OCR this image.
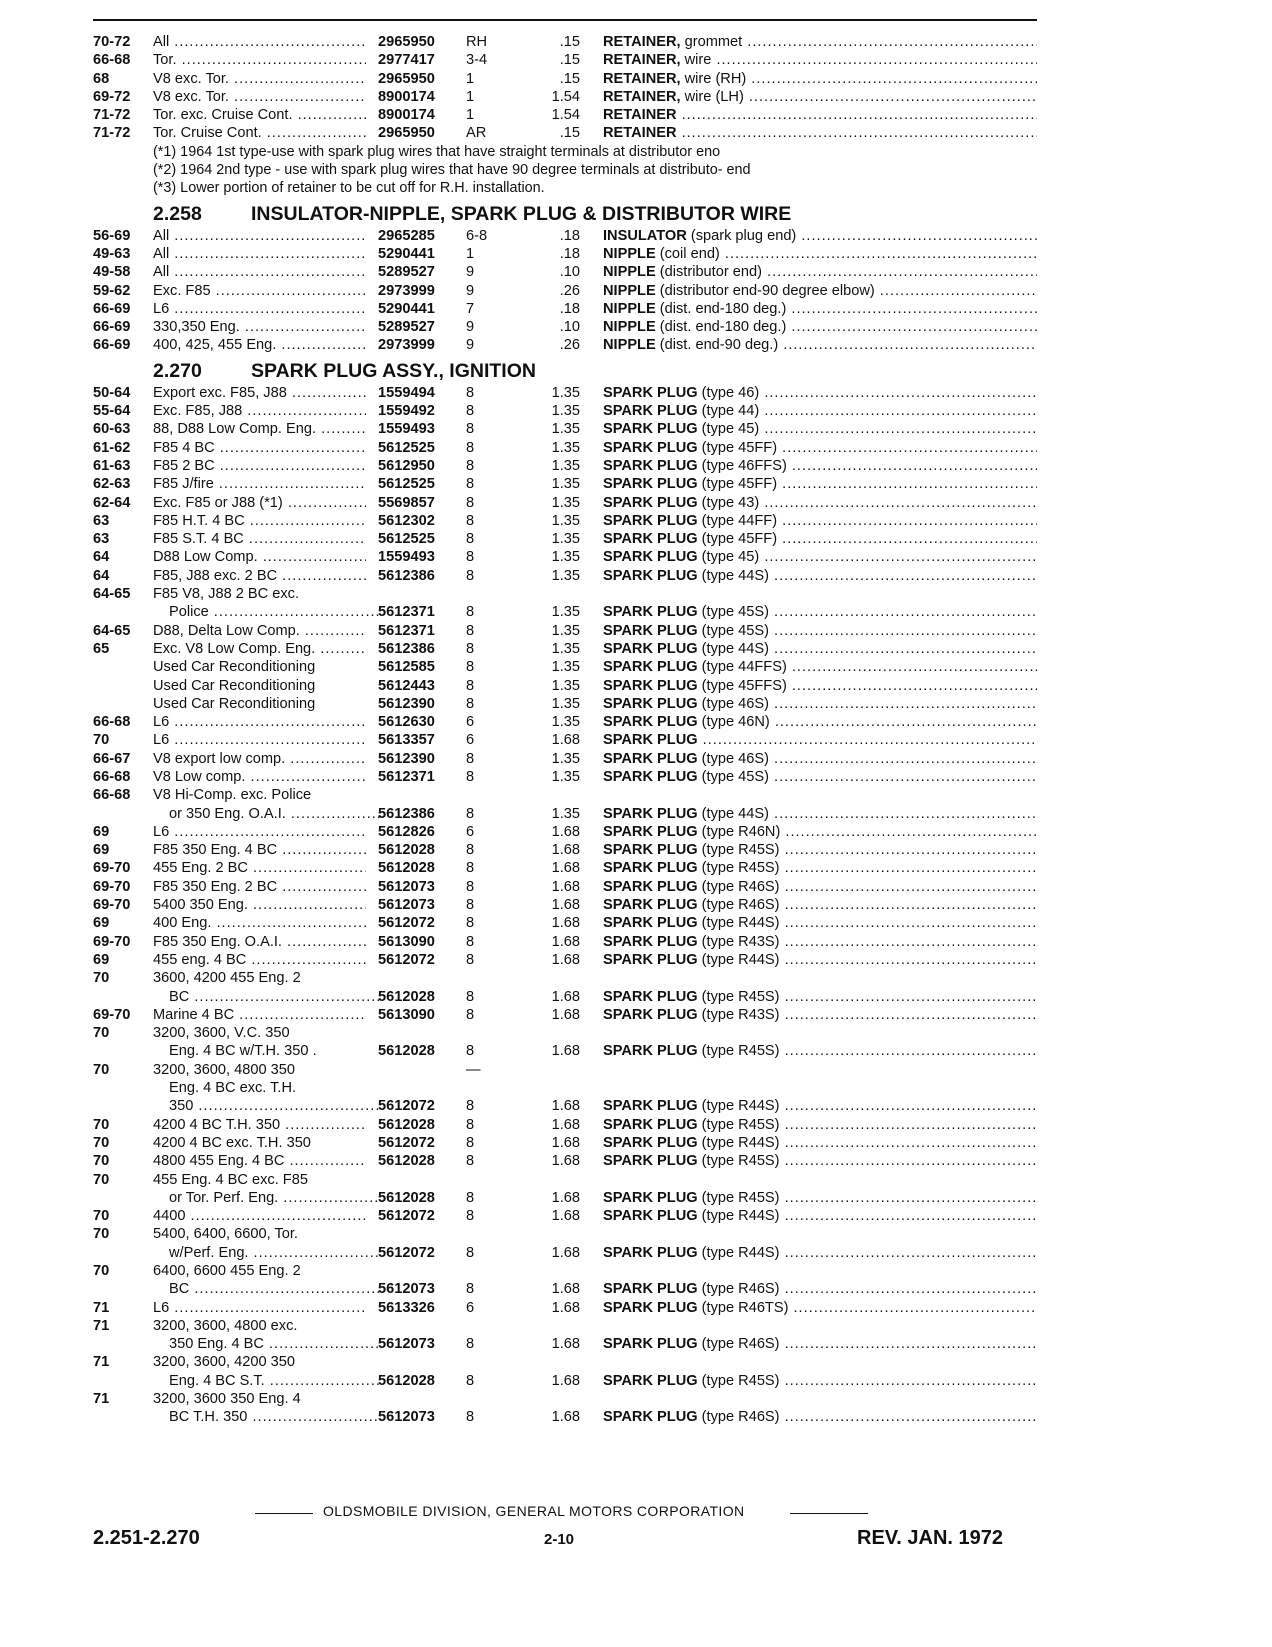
70-72 All .....	2965950 RH	.15 RETAINER, grommet .....
66-68 Tor. .....	2977417 3-4	.15 RETAINER, wire .....
68	V8 exc. Tor. .....	2965950 1	.15 RETAINER, wire (RH) .....
69-72 V8 exc. Tor. .....	8900174 1	1.54 RETAINER, wire (LH) .....
71-72 Tor. exc. Cruise Cont. .....	8900174 1	1.54 RETAINER .....
71-72 Tor. Cruise Cont. .....	2965950 AR	.15 RETAINER .....
(*1) 1964 1st type-use with spark plug wires that have straight terminals at distributor eno
(*2) 1964 2nd type - use with spark plug wires that have 90 degree terminals at distributo- end
(*3) Lower portion of retainer to be cut off for R.H. installation.
2.258	INSULATOR-NIPPLE, SPARK PLUG & DISTRIBUTOR WIRE
56-69 All .....	2965285 6-8	.18 INSULATOR (spark plug end) .....
49-63 All .....	5290441 1	.18 NIPPLE (coil end) .....
49-58 All .....	5289527 9	.10 NIPPLE (distributor end) .....
59-62 Exc. F85 .....	2973999 9	.26 NIPPLE (distributor end-90 degree elbow) .....
66-69 L6 .....	5290441 7	.18 NIPPLE (dist. end-180 deg.) .....
66-69 330,350 Eng. .....	5289527 9	.10 NIPPLE (dist. end-180 deg.) .....
66-69 400, 425, 455 Eng. .....	2973999 9	.26 NIPPLE (dist. end-90 deg.) .....
2.270	SPARK PLUG ASSY., IGNITION
50-64 Export exc. F85, J88 .....	1559494 8	1.35 SPARK PLUG (type 46) .....
55-64 Exc. F85, J88 .....	1559492 8	1.35 SPARK PLUG (type 44) .....
60-63 88, D88 Low Comp. Eng. .....	1559493 8	1.35 SPARK PLUG (type 45) .....
61-62 F85 4 BC .....	5612525 8	1.35 SPARK PLUG (type 45FF) .....
61-63 F85 2 BC .....	5612950 8	1.35 SPARK PLUG (type 46FFS) .....
62-63 F85 J/fire .....	5612525 8	1.35 SPARK PLUG (type 45FF) .....
62-64 Exc. F85 or J88 (*1) .....	5569857 8	1.35 SPARK PLUG (type 43) .....
63	F85 H.T. 4 BC .....	5612302 8	1.35 SPARK PLUG (type 44FF) .....
63	F85 S.T. 4 BC .....	5612525 8	1.35 SPARK PLUG (type 45FF) .....
64	D88 Low Comp. .....	1559493 8	1.35 SPARK PLUG (type 45) .....
64	F85, J88 exc. 2 BC .....	5612386 8	1.35 SPARK PLUG (type 44S) .....
64-65 F85 V8, J88 2 BC exc.
Police .....	5612371 8	1.35 SPARK PLUG (type 45S) .....
64-65 D88, Delta Low Comp. .....	5612371 8	1.35 SPARK PLUG (type 45S) .....
65	Exc. V8 Low Comp. Eng. .....	5612386 8	1.35 SPARK PLUG (type 44S) .....
Used Car Reconditioning	5612585 8	1.35 SPARK PLUG (type 44FFS) .....
Used Car Reconditioning	5612443 8	1.35 SPARK PLUG (type 45FFS) .....
Used Car Reconditioning	5612390 8	1.35 SPARK PLUG (type 46S) .....
66-68 L6 .....	5612630 6	1.35 SPARK PLUG (type 46N) .....
70	L6 .....	5613357 6	1.68 SPARK PLUG .....
66-67 V8 export low comp. .....	5612390 8	1.35 SPARK PLUG (type 46S) .....
66-68 V8 Low comp. .....	5612371 8	1.35 SPARK PLUG (type 45S) .....
66-68 V8 Hi-Comp. exc. Police
or 350 Eng. O.A.I. .....	5612386 8	1.35 SPARK PLUG (type 44S) .....
69	L6 .....	5612826 6	1.68 SPARK PLUG (type R46N) .....
69	F85 350 Eng. 4 BC .....	5612028 8	1.68 SPARK PLUG (type R45S) .....
69-70 455 Eng. 2 BC .....	5612028 8	1.68 SPARK PLUG (type R45S) .....
69-70 F85 350 Eng. 2 BC .....	5612073 8	1.68 SPARK PLUG (type R46S) .....
69-70 5400 350 Eng. .....	5612073 8	1.68 SPARK PLUG (type R46S) .....
69	400 Eng. .....	5612072 8	1.68 SPARK PLUG (type R44S) .....
69-70 F85 350 Eng. O.A.I. .....	5613090 8	1.68 SPARK PLUG (type R43S) .....
69	455 eng. 4 BC .....	5612072 8	1.68 SPARK PLUG (type R44S) .....
70	3600, 4200 455 Eng. 2
BC .....	5612028 8	1.68 SPARK PLUG (type R45S) .....
69-70 Marine 4 BC .....	5613090 8	1.68 SPARK PLUG (type R43S) .....
70	3200, 3600, V.C. 350
Eng. 4 BC w/T.H. 350 .	5612028 8	1.68 SPARK PLUG (type R45S) .....
70	3200, 3600, 4800 350	—
Eng. 4 BC exc. T.H.
350 .....	5612072 8	1.68 SPARK PLUG (type R44S) .....
70	4200 4 BC T.H. 350 .....	5612028 8	1.68 SPARK PLUG (type R45S) .....
70	4200 4 BC exc. T.H. 350	5612072 8	1.68 SPARK PLUG (type R44S) .....
70	4800 455 Eng. 4 BC .....	5612028 8	1.68 SPARK PLUG (type R45S) .....
70	455 Eng. 4 BC exc. F85
or Tor. Perf. Eng. .....	5612028 8	1.68 SPARK PLUG (type R45S) .....
70	4400 .....	5612072 8	1.68 SPARK PLUG (type R44S) .....
70	5400, 6400, 6600, Tor.
w/Perf. Eng. .....	5612072 8	1.68 SPARK PLUG (type R44S) .....
70	6400, 6600 455 Eng. 2
BC .....	5612073 8	1.68 SPARK PLUG (type R46S) .....
71	L6 .....	5613326 6	1.68 SPARK PLUG (type R46TS) .....
71	3200, 3600, 4800 exc.
350 Eng. 4 BC .....	5612073 8	1.68 SPARK PLUG (type R46S) .....
71	3200, 3600, 4200 350
Eng. 4 BC S.T. .....	5612028 8	1.68 SPARK PLUG (type R45S) .....
71	3200, 3600 350 Eng. 4
BC T.H. 350 .....	5612073 8	1.68 SPARK PLUG (type R46S) .....
OLDSMOBILE DIVISION, GENERAL MOTORS CORPORATION
2.251-2.270	2-10	REV. JAN. 1972
